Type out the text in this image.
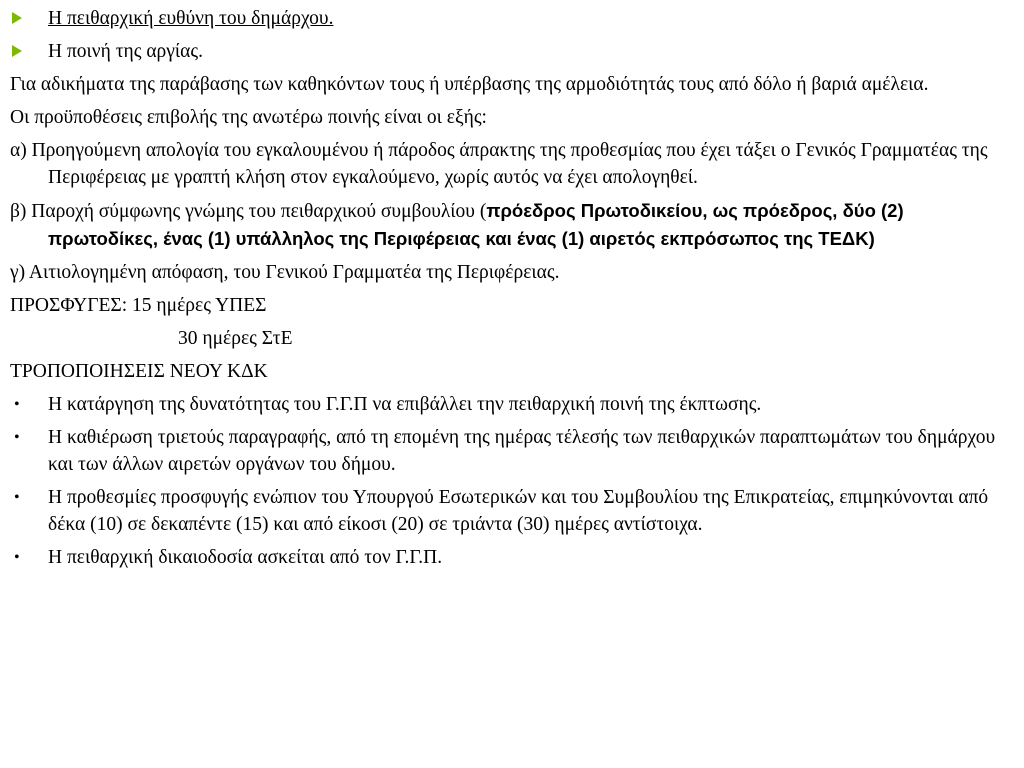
Η πειθαρχική ευθύνη του δημάρχου.
Η ποινή της αργίας.
Για αδικήματα της παράβασης των καθηκόντων τους ή υπέρβασης της αρμοδιότητάς τους από δόλο ή βαριά αμέλεια.
Οι προϋποθέσεις επιβολής της ανωτέρω ποινής είναι οι εξής:
α) Προηγούμενη απολογία του εγκαλουμένου ή πάροδος άπρακτης της προθεσμίας που έχει τάξει ο Γενικός Γραμματέας της Περιφέρειας με γραπτή κλήση στον εγκαλούμενο, χωρίς αυτός να έχει απολογηθεί.
β) Παροχή σύμφωνης γνώμης του πειθαρχικού συμβουλίου (πρόεδρος Πρωτοδικείου, ως πρόεδρος, δύο (2) πρωτοδίκες, ένας (1) υπάλληλος της Περιφέρειας και ένας (1) αιρετός εκπρόσωπος της ΤΕΔΚ)
γ) Αιτιολογημένη απόφαση, του Γενικού Γραμματέα της Περιφέρειας.
ΠΡΟΣΦΥΓΕΣ: 15 ημέρες ΥΠΕΣ
30 ημέρες ΣτΕ
ΤΡΟΠΟΠΟΙΗΣΕΙΣ ΝΕΟΥ ΚΔΚ
•	Η κατάργηση της δυνατότητας του Γ.Γ.Π να επιβάλλει την πειθαρχική ποινή της έκπτωσης.
•	Η καθιέρωση τριετούς παραγραφής, από τη επομένη της ημέρας τέλεσής των πειθαρχικών παραπτωμάτων του δημάρχου και των άλλων αιρετών οργάνων του δήμου.
•	Η προθεσμίες προσφυγής ενώπιον του Υπουργού Εσωτερικών και του Συμβουλίου της Επικρατείας, επιμηκύνονται από δέκα (10) σε δεκαπέντε (15) και από είκοσι (20) σε τριάντα (30) ημέρες αντίστοιχα.
•	Η πειθαρχική δικαιοδοσία ασκείται από τον Γ.Γ.Π.
